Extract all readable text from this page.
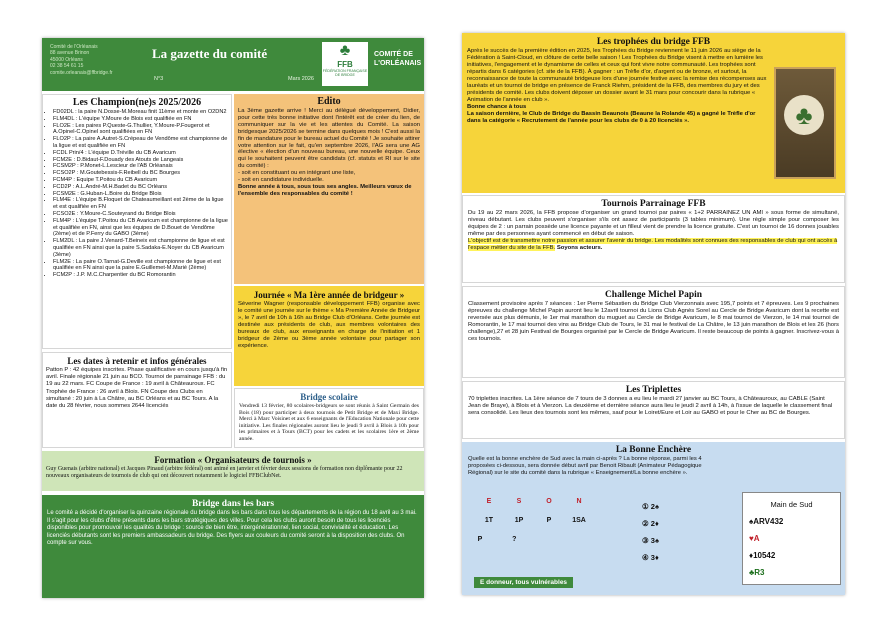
Comité de l'Orléanais
88 avenue Brinon
45000 Orléans
02 38 54 61 15
comite.orleanais@ffbridge.fr
La gazette du comité
N°3	Mars 2026
♣
FFB
FÉDÉRATION FRANÇAISE DE BRIDGE
COMITÉ DE L'ORLÉANAIS
Les Champion(ne)s 2025/2026
• FD02DL : la paire N.Dosse-M.Moreau finit 11ème et monte en O2DN2
• FLM4DL : L'équipe Y.Moure de Blois est qualifiée en FN
• FLO2E : Les paires P.Queste-G.Thullier, Y.Moure-P.Fougerot et A.Opinel-C.Opinel sont qualifiées en FN
• FLO2P : La paire A.Autret-S.Crépeau de Vendôme est championne de la ligue et est qualifiée en FN
• FCDL Prin/4 : L'équipe D.Tréville du CB Avaricum
• FCM2E : D.Bidaut-F.Douady des Atouts de Langeais
• FCSM2P : P.Monet-L.Lescieur de l'AB Orléanais
• FCSO2P : M.Goutebessis-F.Reibell du BC Bourges
• FCM4P : Equipe T.Poitou du CB Avaricum
• FCD2P : A.L.André-M.H.Badet du BC Orléans
• FCSM2E : G.Huban-L.Boire du Bridge Blois
• FLM4E : L'équipe B.Floquet de Chateaumeillant est 2ème de la ligue et est qualifiée en FN
• FCSO2E : Y.Moure-C.Souteyrand du Bridge Blois
• FLM4P : L'équipe T.Poitou du CB Avaricum est championne de la ligue et qualifiée en FN, ainsi que les équipes de D.Bouet de Vendôme (2ème) et de P.Ferry du GABO (3ème)
• FLM2DL : La paire J.Venard-T.Beineix est championne de ligue et est qualifiée en FN ainsi que la paire S.Sadaka-E.Noyer du CB Avaricum (3ème)
• FLM2E : La paire O.Tarnat-G.Deville est championne de ligue et est qualifiée en FN ainsi que la paire E.Guillemet-M.Marié (2ème)
• FCM2P : J.P. M.C.Charpentier du BC Romorantin
Edito

La 3ème gazette arrive ! Merci au délégué développement, Didier, pour cette très bonne initiative dont l'intérêt est de créer du lien, de communiquer sur la vie et les attentes du Comité. La saison bridgesque 2025/2026 se termine dans quelques mois ! C'est aussi la fin de mandature pour le bureau actuel du Comité ! Je souhaite attirer votre attention sur le fait, qu'en septembre 2026, l'AG sera une AG élective « élection d'un nouveau bureau, une nouvelle équipe. Ceux qui le souhaitent peuvent être candidats (cf. statuts et RI sur le site du comité) :

- soit en constituant ou en intégrant une liste,
- soit en candidature individuelle.

Bonne année à tous, sous tous ses angles. Meilleurs vœux de l'ensemble des responsables du comité !

Journée « Ma 1ère année de bridgeur »

Séverine Wagner (responsable développement FFB) organise avec le comité une journée sur le thème « Ma Première Année de Bridgeur », le 7 avril de 10h à 16h au Bridge Club d'Orléans. Cette journée est destinée aux présidents de club, aux membres volontaires des bureaux de club, aux enseignants en charge de l'initiation et 1 bridgeur de 2ème ou 3ème année volontaire pour partager son expérience.

Les dates à retenir et infos générales

Patton P : 42 équipes inscrites. Phase qualificative en cours jusqu'à fin avril. Finale régionale 21 juin au BCO. Tournoi de parrainage FFB : du 19 au 22 mars. FC Coupe de France : 19 avril à Châteauroux. FC Trophée de France : 26 avril à Blois. FN Coupe des Clubs en simultané : 20 juin à La Châtre, au BC Orléans et au BC Tours. A la date du 28 février, nous sommes 2644 licenciés

Bridge scolaire

Vendredi 13 février, 80 scolaires-bridgeurs se sont réunis à Saint Germain des Bois (18) pour participer à deux tournois de Petit Bridge et de Maxi Bridge. Merci à Marc Voisinet et aux 6 enseignants de l'Education Nationale pour cette initiative. Les finales régionales auront lieu le jeudi 9 avril à Blois à 10h pour les primaires et à Tours (BCT) pour les cadets et les scolaires 1ère et 2ème année.

Formation « Organisateurs de tournois »

Guy Guenais (arbitre national) et Jacques Pinaud (arbitre fédéral) ont animé en janvier et février deux sessions de formation non diplômante pour 22 nouveaux organisateurs de tournois de club qui ont découvert notamment le logiciel FFBClubNet.

Bridge dans les bars

Le comité a décidé d'organiser la quinzaine régionale du bridge dans les bars dans tous les départements de la région du 18 avril au 3 mai. Il s'agit pour les clubs d'être présents dans les bars stratégiques des villes. Pour cela les clubs auront besoin de tous les licenciés disponibles pour promouvoir les qualités du bridge : source de bien être, intergénérationnel, lien social, convivialité et éducation. Les licenciés débutants sont les premiers ambassadeurs du bridge. Des flyers aux couleurs du comité seront à la disposition des clubs. On compte sur vous.

Les trophées du bridge FFB

Après le succès de la première édition en 2025, les Trophées du Bridge reviennent le 11 juin 2026 au siège de la Fédération à Saint-Cloud, en clôture de cette belle saison ! Les Trophées du Bridge visent à mettre en lumière les initiatives, l'engagement et le dynamisme de celles et ceux qui font vivre notre communauté. Les trophées sont répartis dans 6 catégories (cf. site de la FFB). À gagner : un Trèfle d'or, d'argent ou de bronze, et surtout, la reconnaissance de toute la communauté bridgeuse lors d'une journée festive avec la remise des récompenses aux lauréats et un tournoi de bridge en présence de Franck Riehm, président de la FFB, des membres du jury et des présidents de comité. Les clubs doivent déposer un dossier avant le 31 mars pour concourir dans la rubrique « Animation de l'année en club ».

Bonne chance à tous

La saison dernière, le Club de Bridge du Bassin Beaunois (Beaune la Rolande 45) a gagné le Trèfle d'or dans la catégorie « Recrutement de l'année pour les clubs de 0 à 20 licenciés ».	♣
Tournois Parrainage FFB

Du 19 au 22 mars 2026, la FFB propose d'organiser un grand tournoi par paires « 1+2 PARRAINEZ UN AMI » sous forme de simultané, niveau débutant. Les clubs peuvent s'organiser s'ils ont assez de participants (3 tables minimum). Une règle simple pour composer les équipes de 2 : un parrain possède une licence payante et un filleul vient de prendre la licence gratuite. C'est un tournoi de 16 donnes jouables même par des personnes ayant commencé en début de saison.

L'objectif est de transmettre notre passion et assurer l'avenir du bridge. Les modalités sont connues des responsables de club qui ont accès à l'espace métier du site de la FFB. Soyons acteurs.

Challenge Michel Papin

Classement provisoire après 7 séances : 1er Pierre Sébastien du Bridge Club Vierzonnais avec 195,7 points et 7 épreuves. Les 9 prochaines épreuves du challenge Michel Papin auront lieu le 12avril tournoi du Lions Club Agnès Sorel au Cercle de Bridge Avaricum dont la recette est reversée aux plus démunis, le 1er mai marathon du muguet au Cercle de Bridge Avaricum, le 8 mai tournoi de Vierzon, le 14 mai tournoi de Romorantin, le 17 mai tournoi des vins au Bridge Club de Tours, le 31 mai le festival de La Châtre, le 13 juin marathon de Blois et les 26 (hors challenge),27 et 28 juin Festival de Bourges organisé par le Cercle de Bridge Avaricum. Il reste beaucoup de points à gagner. Inscrivez-vous à ces tournois.

Les Triplettes

70 triplettes inscrites. La 1ère séance de 7 tours de 3 donnes a eu lieu le mardi 27 janvier au BC Tours, à Châteauroux, au CABLE (Saint Jean de Braye), à Blois et à Vierzon. La deuxième et dernière séance aura lieu le jeudi 2 avril à 14h, à l'issue de laquelle le classement final sera consolidé. Les lieux des tournois sont les mêmes, sauf pour le Loiret/Eure et Loir au GABO et pour le Cher au BC de Bourges.

La Bonne Enchère

Quelle est la bonne enchère de Sud avec la main ci-après ? La bonne réponse, parmi les 4 proposées ci-dessous, sera donnée début avril par Benoit Ribault (Animateur Pédagogique Régional) sur le site du comité dans la rubrique « Enseignement/La bonne enchère ».

E	S	O	N
1T	1P	P	1SA
P ?
E donneur, tous vulnérables
① 2♠
② 2♦
③ 3♠
④ 3♦
Main de Sud
♠ARV432
♥A
♦10542
♣R3
